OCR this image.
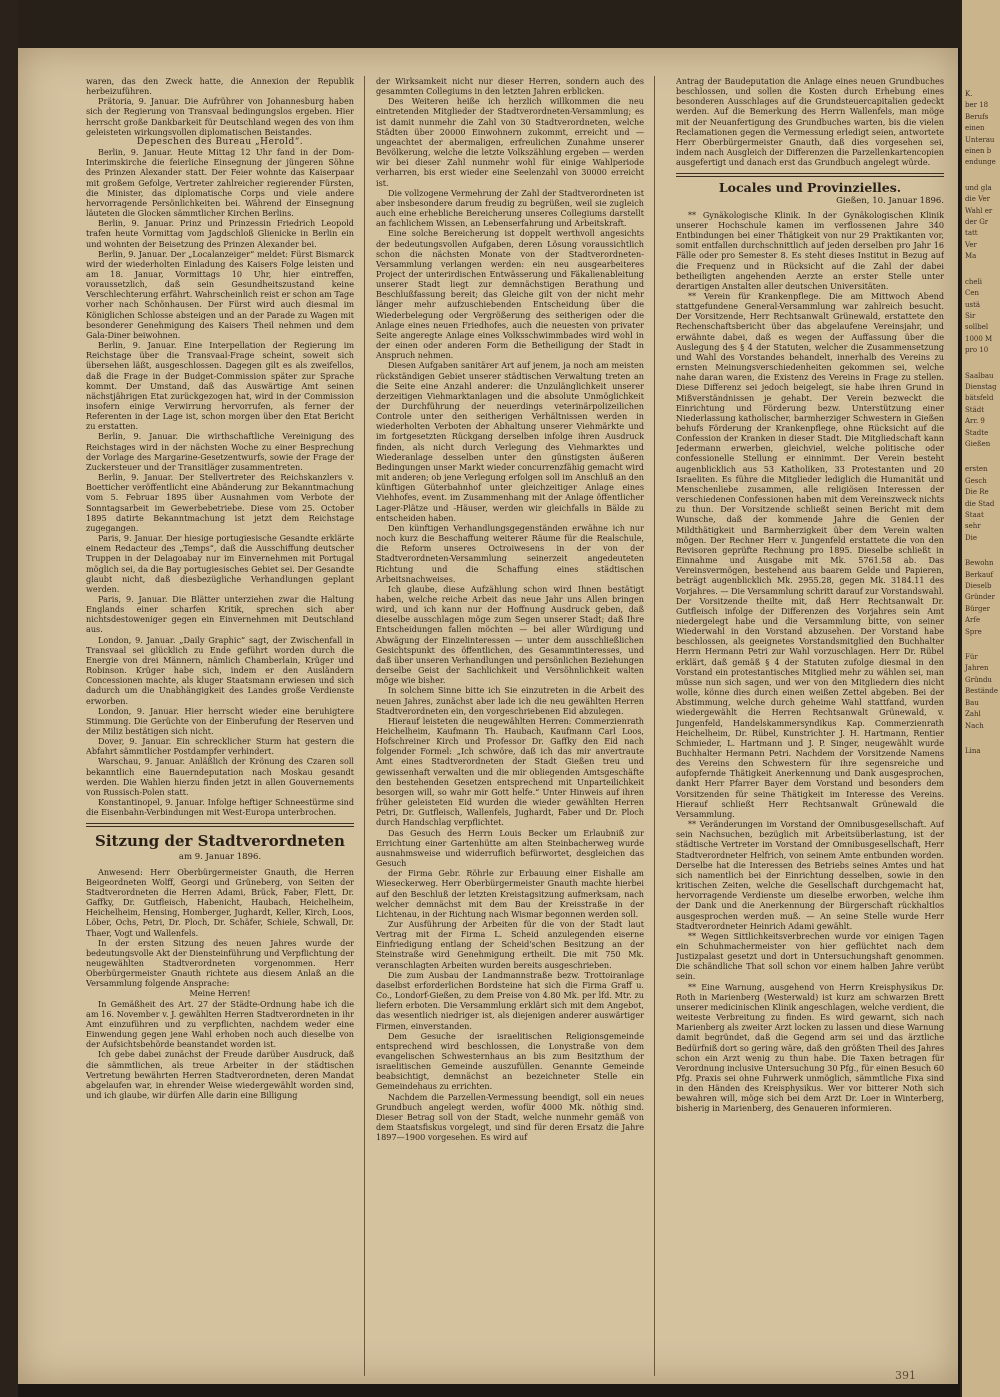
waren, das den Zweck hatte, die Annexion der Republik herbeizuführen.

Prätoria, 9. Januar. Die Aufrührer von Johannesburg haben sich der Regierung von Transvaal bedingungslos ergeben. Hier herrscht große Dankbarkeit für Deutschland wegen des von ihm geleisteten wirkungsvollen diplomatischen Beistandes.

Depeschen des Bureau „Herold“.

Berlin, 9. Januar. Heute Mittag 12 Uhr fand in der Dom-Interimskirche die feierliche Einsegnung der jüngeren Söhne des Prinzen Alexander statt. Der Feier wohnte das Kaiserpaar mit großem Gefolge, Vertreter zahlreicher regierender Fürsten, die Minister, das diplomatische Corps und viele andere hervorragende Persönlichkeiten bei. Während der Einsegnung läuteten die Glocken sämmtlicher Kirchen Berlins.

Berlin, 9. Januar. Prinz und Prinzessin Friedrich Leopold trafen heute Vormittag vom Jagdschloß Glienicke in Berlin ein und wohnten der Beisetzung des Prinzen Alexander bei.

Berlin, 9. Januar. Der „Localanzeiger“ meldet: Fürst Bismarck wird der wiederholten Einladung des Kaisers Folge leisten und am 18. Januar, Vormittags 10 Uhr, hier eintreffen, voraussetzlich, daß sein Gesundheitszustand keine Verschlechterung erfährt. Wahrscheinlich reist er schon am Tage vorher nach Schönhausen. Der Fürst wird auch diesmal im Königlichen Schlosse absteigen und an der Parade zu Wagen mit besonderer Genehmigung des Kaisers Theil nehmen und dem Gala-Diner beiwohnen.

Berlin, 9. Januar. Eine Interpellation der Regierung im Reichstage über die Transvaal-Frage scheint, soweit sich übersehen läßt, ausgeschlossen. Dagegen gilt es als zweifellos, daß die Frage in der Budget-Commission später zur Sprache kommt. Der Umstand, daß das Auswärtige Amt seinen nächstjährigen Etat zurückgezogen hat, wird in der Commission insofern einige Verwirrung hervorrufen, als ferner der Referenten in der Lage ist, schon morgen über den Etat Bericht zu erstatten.

Berlin, 9. Januar. Die wirthschaftliche Vereinigung des Reichstages wird in der nächsten Woche zu einer Besprechung der Vorlage des Margarine-Gesetzentwurfs, sowie der Frage der Zuckersteuer und der Transitläger zusammentreten.

Berlin, 9. Januar. Der Stellvertreter des Reichskanzlers v. Boetticher veröffentlicht eine Abänderung zur Bekanntmachung vom 5. Februar 1895 über Ausnahmen vom Verbote der Sonntagsarbeit im Gewerbebetriebe. Diese vom 25. October 1895 datirte Bekanntmachung ist jetzt dem Reichstage zugegangen.

Paris, 9. Januar. Der hiesige portugiesische Gesandte erklärte einem Redacteur des „Temps“, daß die Ausschiffung deutscher Truppen in der Delagoabay nur im Einvernehmen mit Portugal möglich sei, da die Bay portugiesisches Gebiet sei. Der Gesandte glaubt nicht, daß diesbezügliche Verhandlungen geplant werden.

Paris, 9. Januar. Die Blätter unterziehen zwar die Haltung Englands einer scharfen Kritik, sprechen sich aber nichtsdestoweniger gegen ein Einvernehmen mit Deutschland aus.

London, 9. Januar. „Daily Graphic“ sagt, der Zwischenfall in Transvaal sei glücklich zu Ende geführt worden durch die Energie von drei Männern, nämlich Chamberlain, Krüger und Robinson. Krüger habe sich, indem er den Ausländern Concessionen machte, als kluger Staatsmann erwiesen und sich dadurch um die Unabhängigkeit des Landes große Verdienste erworben.

London, 9. Januar. Hier herrscht wieder eine beruhigtere Stimmung. Die Gerüchte von der Einberufung der Reserven und der Miliz bestätigen sich nicht.

Dover, 9. Januar. Ein schrecklicher Sturm hat gestern die Abfahrt sämmtlicher Postdampfer verhindert.

Warschau, 9. Januar. Anläßlich der Krönung des Czaren soll bekanntlich eine Bauerndeputation nach Moskau gesandt werden. Die Wahlen hierzu finden jetzt in allen Gouvernements von Russisch-Polen statt.

Konstantinopel, 9. Januar. Infolge heftiger Schneestürme sind die Eisenbahn-Verbindungen mit West-Europa unterbrochen.

Sitzung der Stadtverordneten
am 9. Januar 1896.

Anwesend: Herr Oberbürgermeister Gnauth, die Herren Beigeordneten Wolff, Georgi und Grüneberg, von Seiten der Stadtverordneten die Herren Adami, Brück, Faber, Flett, Dr. Gaffky, Dr. Gutfleisch, Habenicht, Haubach, Heichelheim, Heichelheim, Hensing, Homberger, Jughardt, Keller, Kirch, Loos, Löber, Ochs, Petri, Dr. Ploch, Dr. Schäfer, Schiele, Schwall, Dr. Thaer, Vogt und Wallenfels.

In der ersten Sitzung des neuen Jahres wurde der bedeutungsvolle Akt der Diensteinführung und Verpflichtung der neugewählten Stadtverordneten vorgenommen. Herr Oberbürgermeister Gnauth richtete aus diesem Anlaß an die Versammlung folgende Ansprache:

Meine Herren!

In Gemäßheit des Art. 27 der Städte-Ordnung habe ich die am 16. November v. J. gewählten Herren Stadtverordneten in ihr Amt einzuführen und zu verpflichten, nachdem weder eine Einwendung gegen jene Wahl erhoben noch auch dieselbe von der Aufsichtsbehörde beanstandet worden ist.

Ich gebe dabei zunächst der Freude darüber Ausdruck, daß die sämmtlichen, als treue Arbeiter in der städtischen Vertretung bewährten Herren Stadtverordneten, deren Mandat abgelaufen war, in ehrender Weise wiedergewählt worden sind, und ich glaube, wir dürfen Alle darin eine Billigung

der Wirksamkeit nicht nur dieser Herren, sondern auch des gesammten Collegiums in den letzten Jahren erblicken.

Des Weiteren heiße ich herzlich willkommen die neu eintretenden Mitglieder der Stadtverordneten-Versammlung; es ist damit nunmehr die Zahl von 30 Stadtverordneten, welche Städten über 20000 Einwohnern zukommt, erreicht und — ungeachtet der abermaligen, erfreulichen Zunahme unserer Bevölkerung, welche die letzte Volkszählung ergeben — werden wir bei dieser Zahl nunmehr wohl für einige Wahlperiode verharren, bis erst wieder eine Seelenzahl von 30000 erreicht ist.

Die vollzogene Vermehrung der Zahl der Stadtverordneten ist aber insbesondere darum freudig zu begrüßen, weil sie zugleich auch eine erhebliche Bereicherung unseres Collegiums darstellt an fachlichem Wissen, an Lebenserfahrung und Arbeitskraft.

Eine solche Bereicherung ist doppelt werthvoll angesichts der bedeutungsvollen Aufgaben, deren Lösung voraussichtlich schon die nächsten Monate von der Stadtverordneten-Versammlung verlangen werden: ein neu ausgearbeiteres Project der unterirdischen Entwässerung und Fäkalienableitung unserer Stadt liegt zur demnächstigen Berathung und Beschlußfassung bereit; das Gleiche gilt von der nicht mehr länger mehr aufzuschiebenden Entscheidung über die Wiederbelegung oder Vergrößerung des seitherigen oder die Anlage eines neuen Friedhofes, auch die neuesten von privater Seite angeregte Anlage eines Volksschwimmbades wird wohl in der einen oder anderen Form die Betheiligung der Stadt in Anspruch nehmen.

Diesen Aufgaben sanitärer Art auf jenem, ja noch am meisten rückständigen Gebiet unserer städtischen Verwaltung treten an die Seite eine Anzahl anderer: die Unzulänglichkeit unserer derzeitigen Viehmarktanlagen und die absolute Unmöglichkeit der Durchführung der neuerdings veterinärpolizeilichen Controle unter den seitherigen Verhältnissen werden in wiederholten Verboten der Abhaltung unserer Viehmärkte und im fortgesetzten Rückgang derselben infolge ihren Ausdruck finden, als nicht durch Verlegung des Viehmarktes und Wiederanlage desselben unter den günstigsten äußeren Bedingungen unser Markt wieder concurrenzfähig gemacht wird mit anderen; ob jene Verlegung erfolgen soll im Anschluß an den künftigen Güterbahnhof unter gleichzeitiger Anlage eines Viehhofes, event. im Zusammenhang mit der Anlage öffentlicher Lager-Plätze und -Häuser, werden wir gleichfalls in Bälde zu entscheiden haben.

Den künftigen Verhandlungsgegenständen erwähne ich nur noch kurz die Beschaffung weiterer Räume für die Realschule, die Reform unseres Octroiwesens in der von der Stadtverordneten-Versammlung seinerzeit angedeuteten Richtung und die Schaffung eines städtischen Arbeitsnachweises.

Ich glaube, diese Aufzählung schon wird Ihnen bestätigt haben, welche reiche Arbeit das neue Jahr uns Allen bringen wird, und ich kann nur der Hoffnung Ausdruck geben, daß dieselbe ausschlagen möge zum Segen unserer Stadt; daß Ihre Entscheidungen fallen möchten — bei aller Würdigung und Abwägung der Einzelinteressen — unter dem ausschließlichen Gesichtspunkt des öffentlichen, des Gesammtinteresses, und daß über unseren Verhandlungen und persönlichen Beziehungen derselbe Geist der Sachlichkeit und Versöhnlichkeit walten möge wie bisher.

In solchem Sinne bitte ich Sie einzutreten in die Arbeit des neuen Jahres, zunächst aber lade ich die neu gewählten Herren Stadtverordneten ein, den vorgeschriebenen Eid abzulegen.

Hierauf leisteten die neugewählten Herren: Commerzienrath Heichelheim, Kaufmann Th. Haubach, Kaufmann Carl Loos, Hofschreiner Kirch und Professor Dr. Gaffky den Eid nach folgender Formel: „Ich schwöre, daß ich das mir anvertraute Amt eines Stadtverordneten der Stadt Gießen treu und gewissenhaft verwalten und die mir obliegenden Amtsgeschäfte den bestehenden Gesetzen entsprechend mit Unparteilichkeit besorgen will, so wahr mir Gott helfe.“ Unter Hinweis auf ihren früher geleisteten Eid wurden die wieder gewählten Herren Petri, Dr. Gutfleisch, Wallenfels, Jughardt, Faber und Dr. Ploch durch Handschlag verpflichtet.

Das Gesuch des Herrn Louis Becker um Erlaubniß zur Errichtung einer Gartenhütte am alten Steinbacherweg wurde ausnahmsweise und widerruflich befürwortet, desgleichen das Gesuch

der Firma Gebr. Röhrle zur Erbauung einer Eishalle am Wieseckerweg. Herr Oberbürgermeister Gnauth machte hierbei auf den Beschluß der letzten Kreistagsitzung aufmerksam, nach welcher demnächst mit dem Bau der Kreisstraße in der Lichtenau, in der Richtung nach Wismar begonnen werden soll.

Zur Ausführung der Arbeiten für die von der Stadt laut Vertrag mit der Firma L. Scheid anzulegenden eiserne Einfriedigung entlang der Scheid'schen Besitzung an der Steinstraße wird Genehmigung ertheilt. Die mit 750 Mk. veranschlagten Arbeiten wurden bereits ausgeschrieben.

Die zum Ausbau der Landmannstraße bezw. Trottoiranlage daselbst erforderlichen Bordsteine hat sich die Firma Graff u. Co., Londorf-Gießen, zu dem Preise von 4.80 Mk. per lfd. Mtr. zu liefern erboten. Die Versammlung erklärt sich mit dem Angebot, das wesentlich niedriger ist, als diejenigen anderer auswärtiger Firmen, einverstanden.

Dem Gesuche der israelitischen Religionsgemeinde entsprechend wird beschlossen, die Lonystraße von dem evangelischen Schwesternhaus an bis zum Besitzthum der israelitischen Gemeinde auszufüllen. Genannte Gemeinde beabsichtigt, demnächst an bezeichneter Stelle ein Gemeindehaus zu errichten.

Nachdem die Parzellen-Vermessung beendigt, soll ein neues Grundbuch angelegt werden, wofür 4000 Mk. nöthig sind. Dieser Betrag soll von der Stadt, welche nunmehr gemäß von dem Staatsfiskus vorgelegt, und sind für deren Ersatz die Jahre 1897—1900 vorgesehen. Es wird auf

Antrag der Baudeputation die Anlage eines neuen Grundbuches beschlossen, und sollen die Kosten durch Erhebung eines besonderen Ausschlages auf die Grundsteuercapitalien gedeckt werden. Auf die Bemerkung des Herrn Wallenfels, man möge mit der Neuanfertigung des Grundbuches warten, bis die vielen Reclamationen gegen die Vermessung erledigt seien, antwortete Herr Oberbürgermeister Gnauth, daß dies vorgesehen sei, indem nach Ausgleich der Differenzen die Parzellenkartencopien ausgefertigt und danach erst das Grundbuch angelegt würde.

Locales und Provinzielles.
Gießen, 10. Januar 1896.

** Gynäkologische Klinik. In der Gynäkologischen Klinik unserer Hochschule kamen im verflossenen Jahre 340 Entbindungen bei einer Thätigkeit von nur 29 Praktikanten vor, somit entfallen durchschnittlich auf jeden derselben pro Jahr 16 Fälle oder pro Semester 8. Es steht dieses Institut in Bezug auf die Frequenz und in Rücksicht auf die Zahl der dabei betheiligten angehenden Aerzte an erster Stelle unter derartigen Anstalten aller deutschen Universitäten.

** Verein für Krankenpflege. Die am Mittwoch Abend stattgefundene General-Versammlung war zahlreich besucht. Der Vorsitzende, Herr Rechtsanwalt Grünewald, erstattete den Rechenschaftsbericht über das abgelaufene Vereinsjahr, und erwähnte dabei, daß es wegen der Auffassung über die Auslegung des § 4 der Statuten, welcher die Zusammensetzung und Wahl des Vorstandes behandelt, innerhalb des Vereins zu ernsten Meinungsverschiedenheiten gekommen sei, welche nahe daran waren, die Existenz des Vereins in Frage zu stellen. Diese Differenz sei jedoch beigelegt, sie habe ihren Grund in Mißverständnissen je gehabt. Der Verein bezweckt die Einrichtung und Förderung bezw. Unterstützung einer Niederlassung katholischer, barmherziger Schwestern in Gießen behufs Förderung der Krankenpflege, ohne Rücksicht auf die Confession der Kranken in dieser Stadt. Die Mitgliedschaft kann Jedermann erwerben, gleichviel, welche politische oder confessionelle Stellung er einnimmt. Der Verein besteht augenblicklich aus 53 Katholiken, 33 Protestanten und 20 Israeliten. Es führe die Mitglieder lediglich die Humanität und Menschenliebe zusammen, alle religiösen Interessen der verschiedenen Confessionen haben mit dem Vereinszweck nichts zu thun. Der Vorsitzende schließt seinen Bericht mit dem Wunsche, daß der kommende Jahre die Genien der Mildthätigkeit und Barmherzigkeit über dem Verein walten mögen. Der Rechner Herr v. Jungenfeld erstattete die von den Revisoren geprüfte Rechnung pro 1895. Dieselbe schließt in Einnahme und Ausgabe mit Mk. 5761.58 ab. Das Vereinsvermögen, bestehend aus baarem Gelde und Papieren, beträgt augenblicklich Mk. 2955.28, gegen Mk. 3184.11 des Vorjahres. — Die Versammlung schritt darauf zur Vorstandswahl. Der Vorsitzende theilte mit, daß Herr Rechtsanwalt Dr. Gutfleisch infolge der Differenzen des Vorjahres sein Amt niedergelegt habe und die Versammlung bitte, von seiner Wiederwahl in den Vorstand abzusehen. Der Vorstand habe beschlossen, als geeignetes Vorstandsmitglied den Buchhalter Herrn Hermann Petri zur Wahl vorzuschlagen. Herr Dr. Rübel erklärt, daß gemäß § 4 der Statuten zufolge diesmal in den Vorstand ein protestantisches Mitglied mehr zu wählen sei, man müsse nun sich sagen, und wer von den Mitgliedern dies nicht wolle, könne dies durch einen weißen Zettel abgeben. Bei der Abstimmung, welche durch geheime Wahl stattfand, wurden wiedergewählt die Herren Rechtsanwalt Grünewald, v. Jungenfeld, Handelskammersyndikus Kap. Commerzienrath Heichelheim, Dr. Rübel, Kunstrichter J. H. Hartmann, Rentier Schmieder, L. Hartmann und J. P. Singer, neugewählt wurde Buchhalter Hermann Petri. Nachdem der Vorsitzende Namens des Vereins den Schwestern für ihre segensreiche und aufopfernde Thätigkeit Anerkennung und Dank ausgesprochen, dankt Herr Pfarrer Bayer dem Vorstand und besonders dem Vorsitzenden für seine Thätigkeit im Interesse des Vereins. Hierauf schließt Herr Rechtsanwalt Grünewald die Versammlung.

** Veränderungen im Vorstand der Omnibusgesellschaft. Auf sein Nachsuchen, bezüglich mit Arbeitsüberlastung, ist der städtische Vertreter im Vorstand der Omnibusgesellschaft, Herr Stadtverordneter Helfrich, von seinem Amte entbunden worden. Derselbe hat die Interessen des Betriebs seines Amtes und hat sich namentlich bei der Einrichtung desselben, sowie in den kritischen Zeiten, welche die Gesellschaft durchgemacht hat, hervorragende Verdienste um dieselbe erworben, welche ihm der Dank und die Anerkennung der Bürgerschaft rückhaltlos ausgesprochen werden muß. — An seine Stelle wurde Herr Stadtverordneter Heinrich Adami gewählt.

** Wegen Sittlichkeitsverbrechen wurde vor einigen Tagen ein Schuhmachermeister von hier geflüchtet nach dem Justizpalast gesetzt und dort in Untersuchungshaft genommen. Die schändliche That soll schon vor einem halben Jahre verübt sein.

** Eine Warnung, ausgehend von Herrn Kreisphysikus Dr. Roth in Marienberg (Westerwald) ist kurz am schwarzen Brett unserer medicinischen Klinik angeschlagen, welche verdient, die weiteste Verbreitung zu finden. Es wird gewarnt, sich nach Marienberg als zweiter Arzt locken zu lassen und diese Warnung damit begründet, daß die Gegend arm sei und das ärztliche Bedürfniß dort so gering wäre, daß den größten Theil des Jahres schon ein Arzt wenig zu thun habe. Die Taxen betragen für Verordnung inclusive Untersuchung 30 Pfg., für einen Besuch 60 Pfg. Praxis sei ohne Fuhrwerk unmöglich, sämmtliche Fixa sind in den Händen des Kreisphysikus. Wer vor bitterer Noth sich bewahren will, möge sich bei dem Arzt Dr. Loer in Winterberg, bisherig in Marienberg, des Genaueren informieren.

391
K.
ber 18
Berufs
einen
Unterau
einen b
endunge
und gla
die Ver
Wahl er
der Gr
tatt
Ver
Ma
cheli
Cen
ustä
Sir
sollbel
1000 M
pro 10
Saalbau
Dienstag
bätsfeld
Städt
Arr. 9
Stadte
Gießen
ersten
Gesch
Die Re
die Stad
Staat
sehr
Die
Bewohn
Berkauf
Dieselb
Gründer
Bürger
Arfe
Spre
Für
Jahren
Gründu
Bestände
Bau
Zahl
Nach
Lina
